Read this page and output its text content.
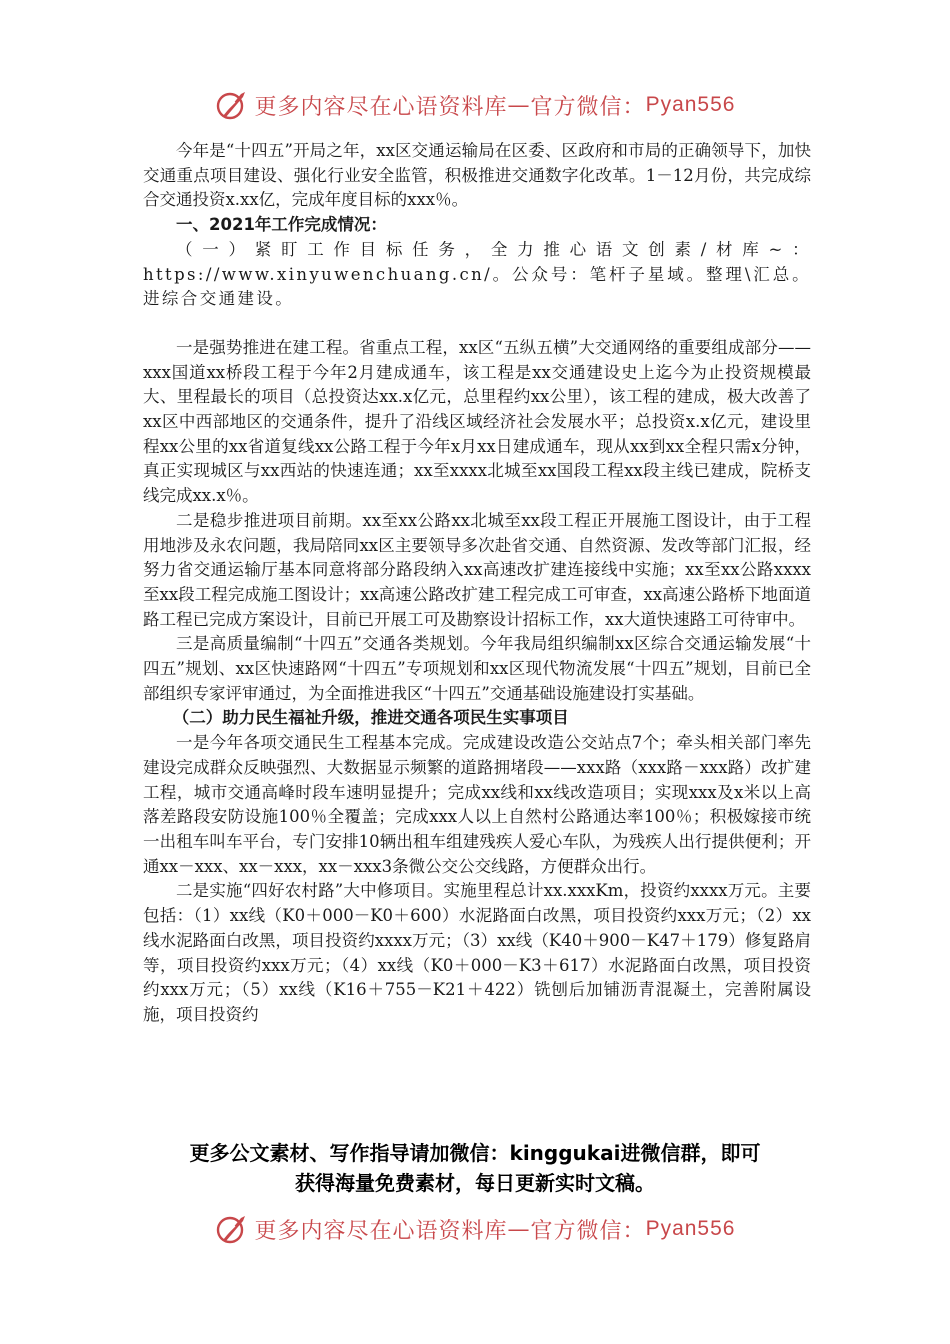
更多内容尽在心语资料库 — 官方微信： Pyan556

今年是“十四五”开局之年，xx区交通运输局在区委、区政府和市局的正确领导下，加快交通重点项目建设、强化行业安全监管，积极推进交通数字化改革。1－12月份，共完成综合交通投资x.xx亿，完成年度目标的xxx％。

一、2021年工作完成情况：

（一）紧盯工作目标任务，全力推心语文创素/材库~：https://www.xinyuwenchuang.cn/。公众号：笔杆子星域。整理\汇总。进综合交通建设。

一是强势推进在建工程。省重点工程，xx区“五纵五横”大交通网络的重要组成部分——xxx国道xx桥段工程于今年2月建成通车，该工程是xx交通建设史上迄今为止投资规模最大、里程最长的项目（总投资达xx.x亿元，总里程约xx公里），该工程的建成，极大改善了xx区中西部地区的交通条件，提升了沿线区域经济社会发展水平；总投资x.x亿元，建设里程xx公里的xx省道复线xx公路工程于今年x月xx日建成通车，现从xx到xx全程只需x分钟，真正实现城区与xx西站的快速连通；xx至xxxx北城至xx国段工程xx段主线已建成，院桥支线完成xx.x％。

二是稳步推进项目前期。xx至xx公路xx北城至xx段工程正开展施工图设计，由于工程用地涉及永农问题，我局陪同xx区主要领导多次赴省交通、自然资源、发改等部门汇报，经努力省交通运输厅基本同意将部分路段纳入xx高速改扩建连接线中实施；xx至xx公路xxxx至xx段工程完成施工图设计；xx高速公路改扩建工程完成工可审查，xx高速公路桥下地面道路工程已完成方案设计，目前已开展工可及勘察设计招标工作，xx大道快速路工可待审中。

三是高质量编制“十四五”交通各类规划。今年我局组织编制xx区综合交通运输发展“十四五”规划、xx区快速路网“十四五”专项规划和xx区现代物流发展“十四五”规划，目前已全部组织专家评审通过，为全面推进我区“十四五”交通基础设施建设打实基础。

（二）助力民生福祉升级，推进交通各项民生实事项目

一是今年各项交通民生工程基本完成。完成建设改造公交站点7个；牵头相关部门率先建设完成群众反映强烈、大数据显示频繁的道路拥堵段——xxx路（xxx路－xxx路）改扩建工程，城市交通高峰时段车速明显提升；完成xx线和xx线改造项目；实现xxx及x米以上高落差路段安防设施100％全覆盖；完成xxx人以上自然村公路通达率100％；积极嫁接市统一出租车叫车平台，专门安排10辆出租车组建残疾人爱心车队，为残疾人出行提供便利；开通xx－xxx、xx－xxx，xx－xxx3条微公交公交线路，方便群众出行。

二是实施“四好农村路”大中修项目。实施里程总计xx.xxxKm，投资约xxxx万元。主要包括：（1）xx线（K0＋000－K0＋600）水泥路面白改黑，项目投资约xxx万元；（2）xx线水泥路面白改黑，项目投资约xxxx万元；（3）xx线（K40＋900－K47＋179）修复路肩等，项目投资约xxx万元；（4）xx线（K0＋000－K3＋617）水泥路面白改黑，项目投资约xxx万元；（5）xx线（K16＋755－K21＋422）铣刨后加铺沥青混凝土，完善附属设施，项目投资约

更多公文素材、写作指导请加微信：kinggukai进微信群，即可
获得海量免费素材，每日更新实时文稿。
更多内容尽在心语资料库 — 官方微信： Pyan556
